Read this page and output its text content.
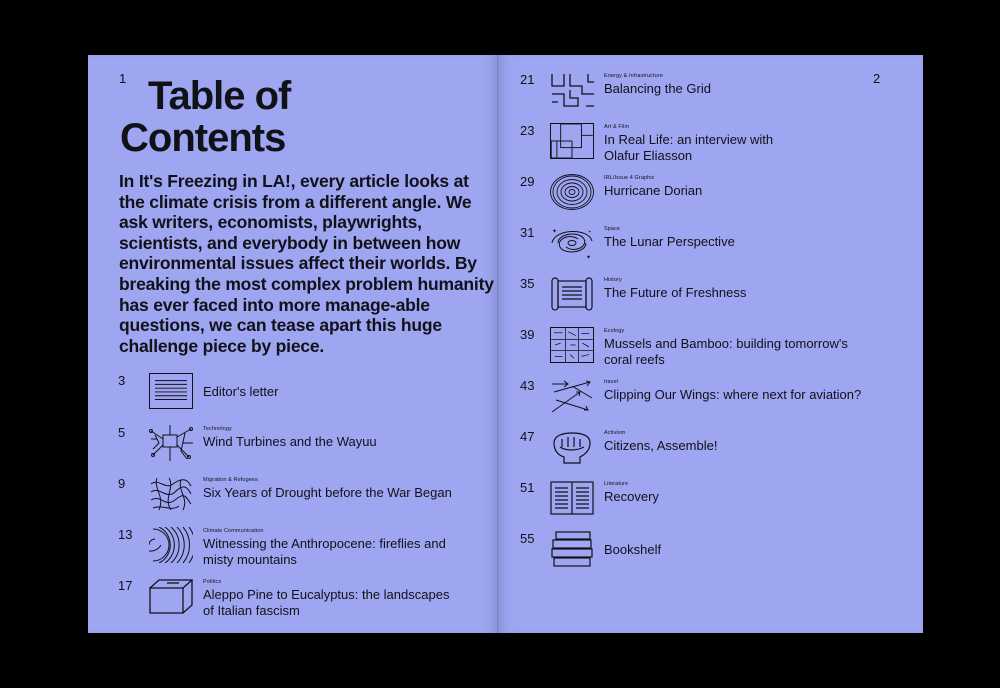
1 Table of
Contents
In It's Freezing in LA!, every article looks at the climate crisis from a different angle. We ask writers, economists, playwrights, scientists, and everybody in between how environmental issues affect their worlds. By breaking the most complex problem humanity has ever faced into more manage-able questions, we can tease apart this huge challenge piece by piece.
3
Editor's letter
5	Technology
Wind Turbines and the Wayuu
9	Migration & Refugees
Six Years of Drought before the War Began
13	Climate Communication
Witnessing the Anthropocene: fireflies and
misty mountains
17	Politics
Aleppo Pine to Eucalyptus: the landscapes
of Italian fascism
2
21	Energy & Infrastructure
Balancing the Grid
23	Art & Film
In Real Life: an interview with
Olafur Eliasson
29	IRL/Issue 4 Graphic
Hurricane Dorian
31	✦
✦
✦ Space
The Lunar Perspective
35	History
The Future of Freshness
39	Ecology
Mussels and Bamboo: building tomorrow's
coral reefs
43	travel
Clipping Our Wings: where next for aviation?
47	Activism
Citizens, Assemble!
51	Literature
Recovery
55
Bookshelf
